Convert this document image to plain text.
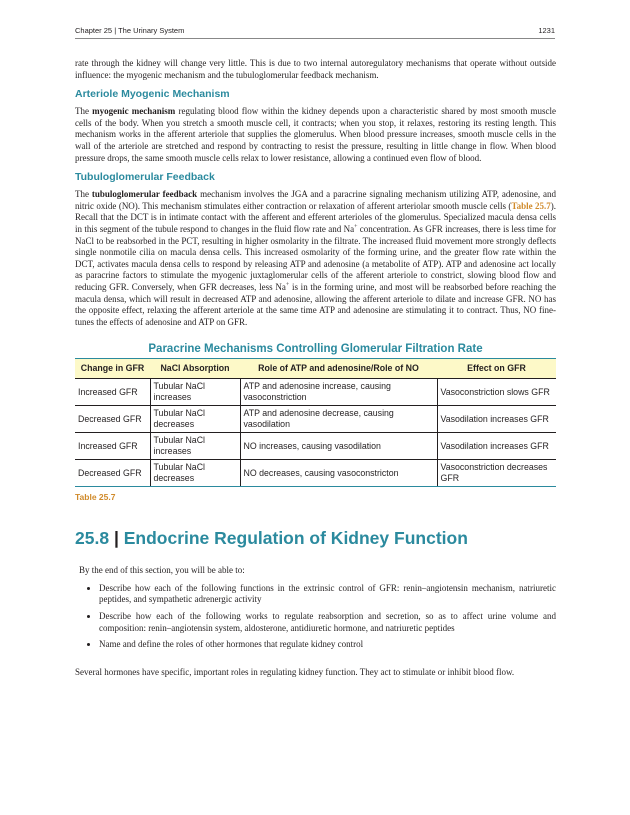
Chapter 25 | The Urinary System	1231

rate through the kidney will change very little. This is due to two internal autoregulatory mechanisms that operate without outside influence: the myogenic mechanism and the tubuloglomerular feedback mechanism.

Arteriole Myogenic Mechanism

The myogenic mechanism regulating blood flow within the kidney depends upon a characteristic shared by most smooth muscle cells of the body. When you stretch a smooth muscle cell, it contracts; when you stop, it relaxes, restoring its resting length. This mechanism works in the afferent arteriole that supplies the glomerulus. When blood pressure increases, smooth muscle cells in the wall of the arteriole are stretched and respond by contracting to resist the pressure, resulting in little change in flow. When blood pressure drops, the same smooth muscle cells relax to lower resistance, allowing a continued even flow of blood.

Tubuloglomerular Feedback

The tubuloglomerular feedback mechanism involves the JGA and a paracrine signaling mechanism utilizing ATP, adenosine, and nitric oxide (NO). This mechanism stimulates either contraction or relaxation of afferent arteriolar smooth muscle cells (Table 25.7). Recall that the DCT is in intimate contact with the afferent and efferent arterioles of the glomerulus. Specialized macula densa cells in this segment of the tubule respond to changes in the fluid flow rate and Na+ concentration. As GFR increases, there is less time for NaCl to be reabsorbed in the PCT, resulting in higher osmolarity in the filtrate. The increased fluid movement more strongly deflects single nonmotile cilia on macula densa cells. This increased osmolarity of the forming urine, and the greater flow rate within the DCT, activates macula densa cells to respond by releasing ATP and adenosine (a metabolite of ATP). ATP and adenosine act locally as paracrine factors to stimulate the myogenic juxtaglomerular cells of the afferent arteriole to constrict, slowing blood flow and reducing GFR. Conversely, when GFR decreases, less Na+ is in the forming urine, and most will be reabsorbed before reaching the macula densa, which will result in decreased ATP and adenosine, allowing the afferent arteriole to dilate and increase GFR. NO has the opposite effect, relaxing the afferent arteriole at the same time ATP and adenosine are stimulating it to contract. Thus, NO fine-tunes the effects of adenosine and ATP on GFR.

Paracrine Mechanisms Controlling Glomerular Filtration Rate
Change in GFR	NaCl Absorption	Role of ATP and adenosine/Role of NO	Effect on GFR
Increased GFR	Tubular NaCl increases	ATP and adenosine increase, causing vasoconstriction	Vasoconstriction slows GFR
Decreased GFR	Tubular NaCl decreases	ATP and adenosine decrease, causing vasodilation	Vasodilation increases GFR
Increased GFR	Tubular NaCl increases	NO increases, causing vasodilation	Vasodilation increases GFR
Decreased GFR	Tubular NaCl decreases	NO decreases, causing vasoconstricton	Vasoconstriction decreases GFR
Table 25.7
25.8 | Endocrine Regulation of Kidney Function
By the end of this section, you will be able to:
• Describe how each of the following functions in the extrinsic control of GFR: renin–angiotensin mechanism, natriuretic peptides, and sympathetic adrenergic activity
• Describe how each of the following works to regulate reabsorption and secretion, so as to affect urine volume and composition: renin–angiotensin system, aldosterone, antidiuretic hormone, and natriuretic peptides
• Name and define the roles of other hormones that regulate kidney control

Several hormones have specific, important roles in regulating kidney function. They act to stimulate or inhibit blood flow.
